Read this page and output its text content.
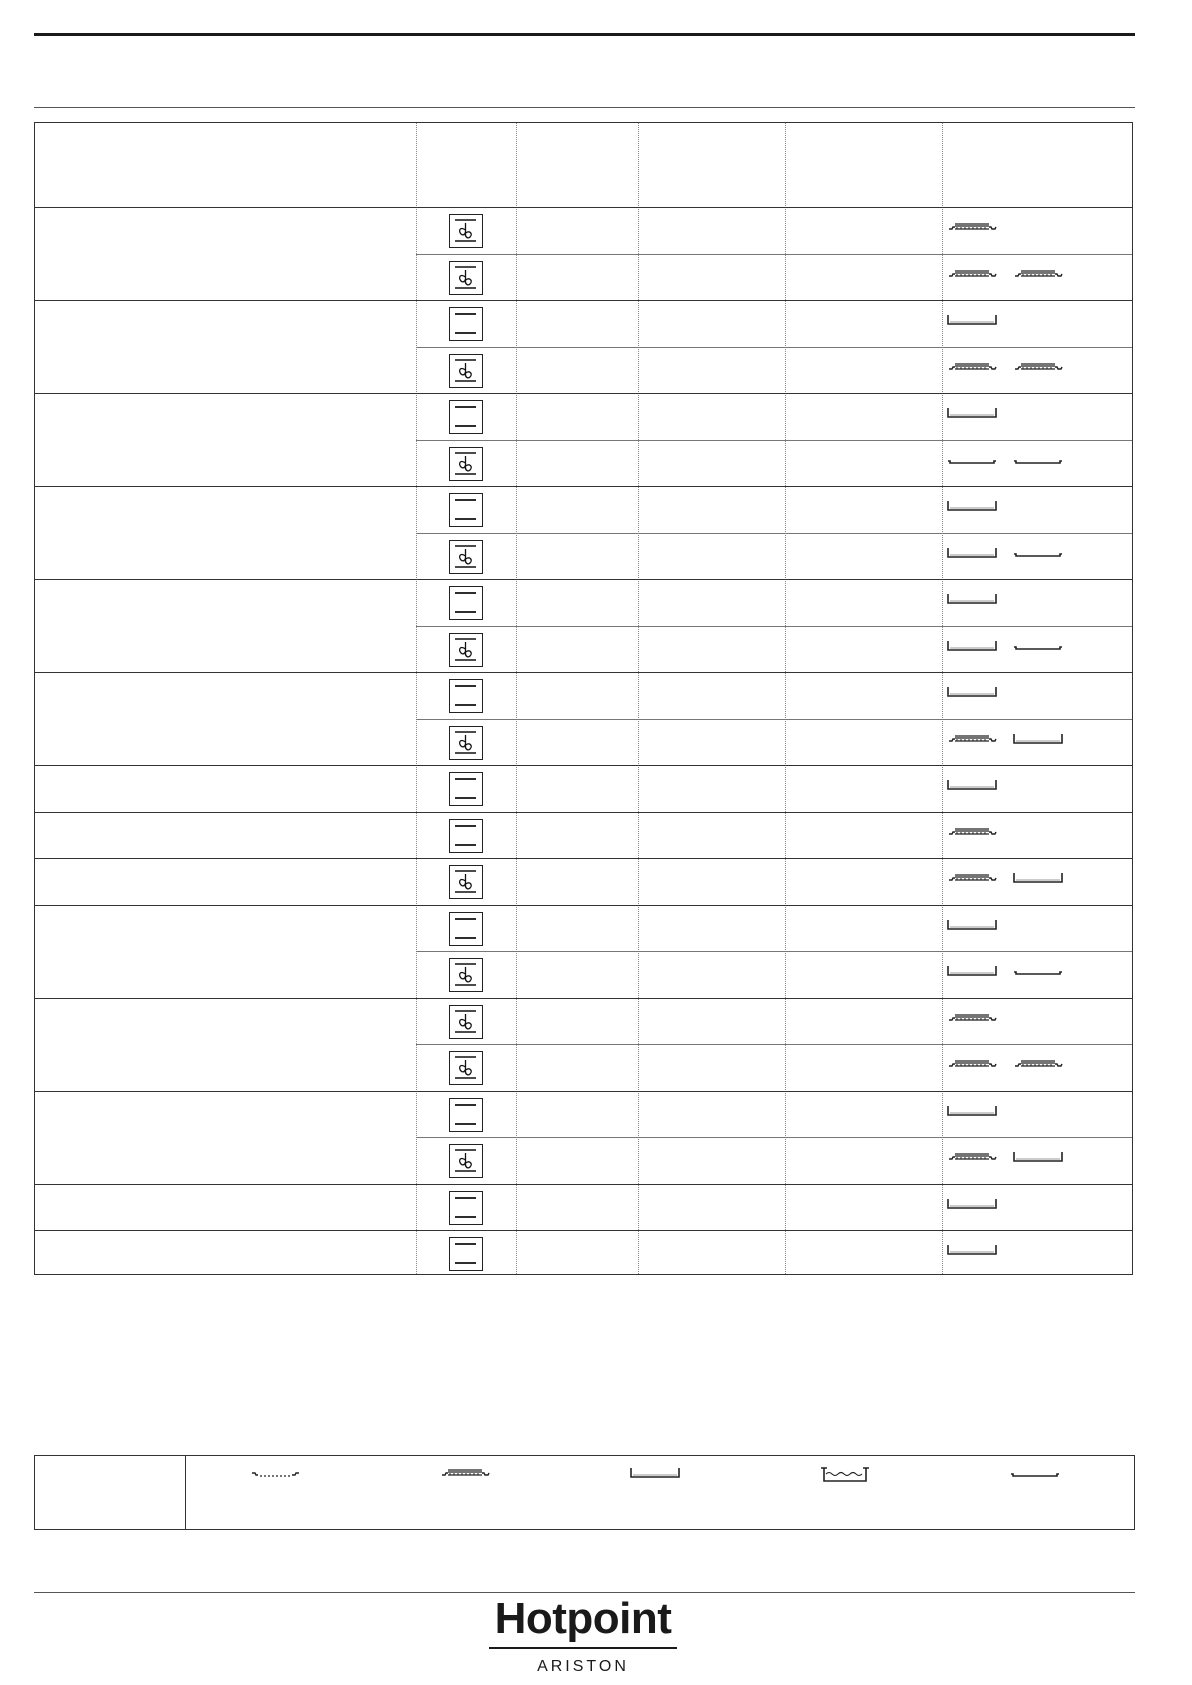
Hotpoint
ARISTON
